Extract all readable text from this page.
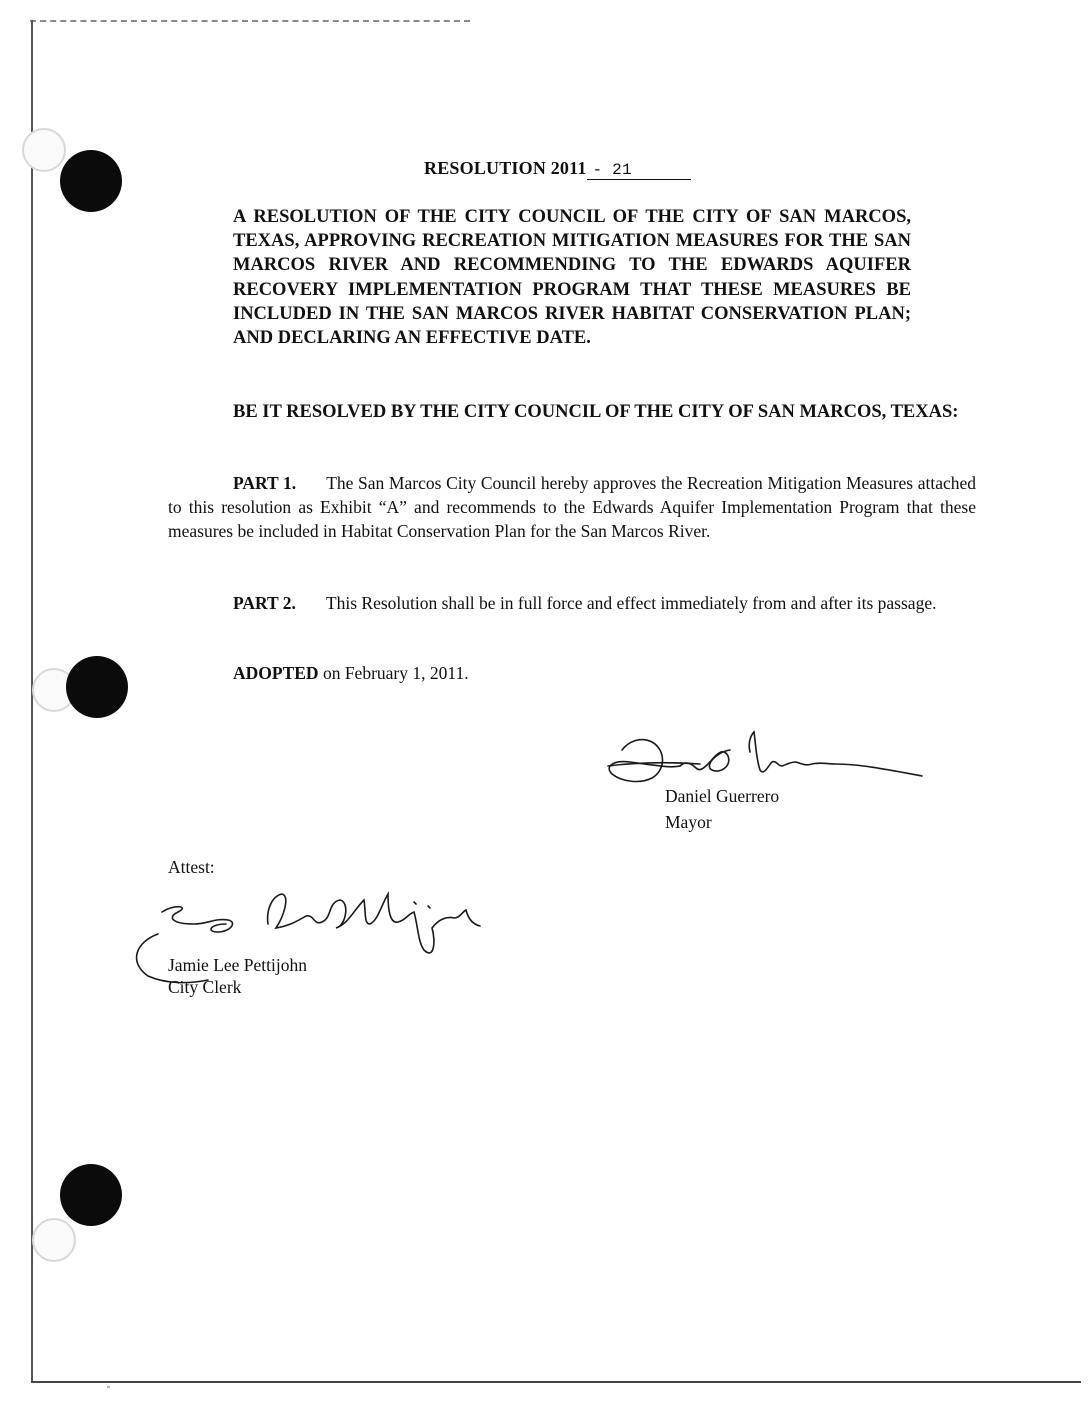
RESOLUTION 2011 - 21

A RESOLUTION OF THE CITY COUNCIL OF THE CITY OF SAN MARCOS, TEXAS, APPROVING RECREATION MITIGATION MEASURES FOR THE SAN MARCOS RIVER AND RECOMMENDING TO THE EDWARDS AQUIFER RECOVERY IMPLEMENTATION PROGRAM THAT THESE MEASURES BE INCLUDED IN THE SAN MARCOS RIVER HABITAT CONSERVATION PLAN; AND DECLARING AN EFFECTIVE DATE.

BE IT RESOLVED BY THE CITY COUNCIL OF THE CITY OF SAN MARCOS, TEXAS:

PART 1. The San Marcos City Council hereby approves the Recreation Mitigation Measures attached to this resolution as Exhibit “A” and recommends to the Edwards Aquifer Implementation Program that these measures be included in Habitat Conservation Plan for the San Marcos River.

PART 2. This Resolution shall be in full force and effect immediately from and after its passage.

ADOPTED on February 1, 2011.
Daniel Guerrero
Mayor
Attest:
Jamie Lee Pettijohn
City Clerk
